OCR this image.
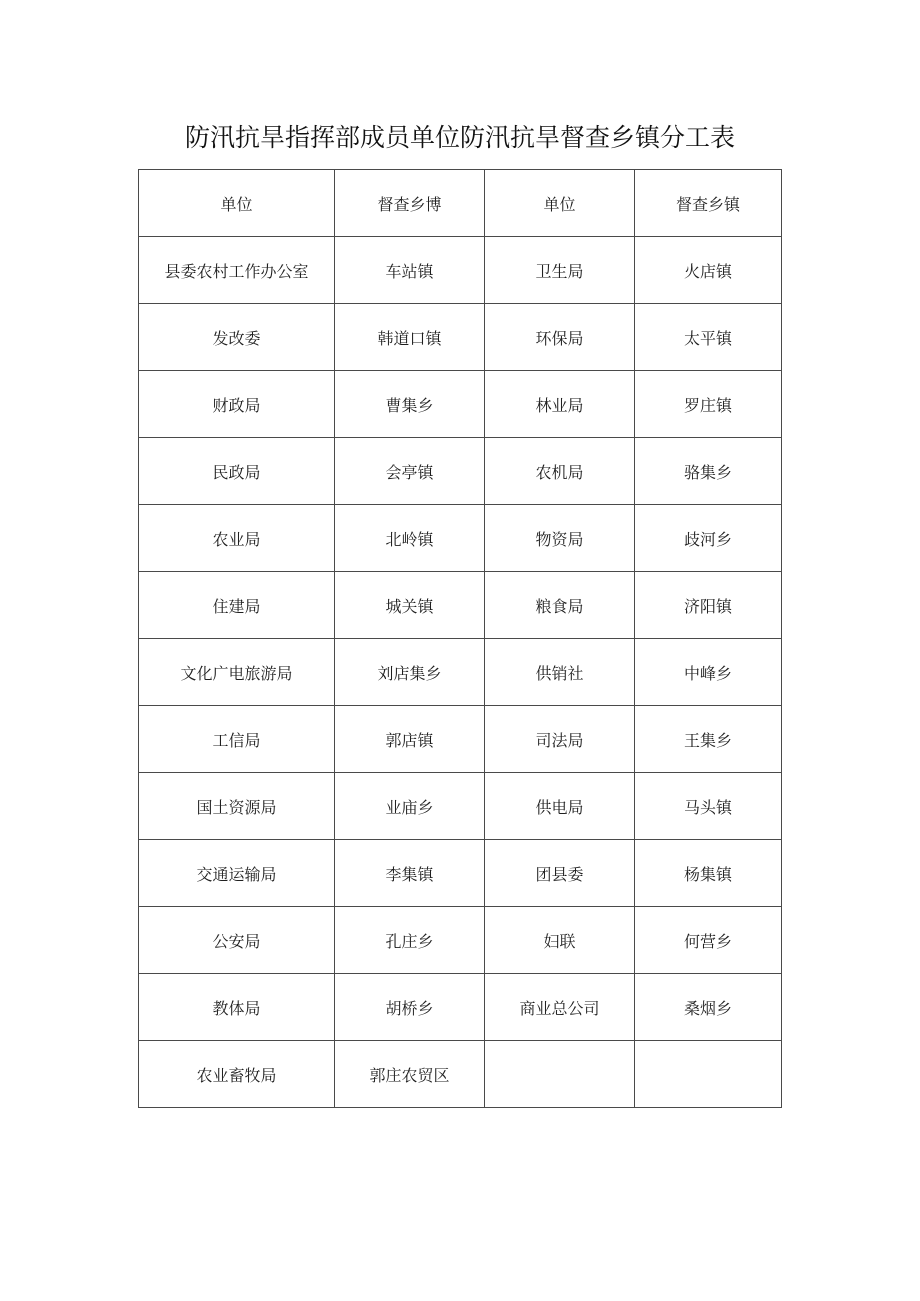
防汛抗旱指挥部成员单位防汛抗旱督查乡镇分工表
单位	督查乡博	单位	督查乡镇
县委农村工作办公室	车站镇	卫生局	火店镇
发改委	韩道口镇	环保局	太平镇
财政局	曹集乡	林业局	罗庄镇
民政局	会亭镇	农机局	骆集乡
农业局	北岭镇	物资局	歧河乡
住建局	城关镇	粮食局	济阳镇
文化广电旅游局	刘店集乡	供销社	中峰乡
工信局	郭店镇	司法局	王集乡
国土资源局	业庙乡	供电局	马头镇
交通运输局	李集镇	团县委	杨集镇
公安局	孔庄乡	妇联	何营乡
教体局	胡桥乡	商业总公司	桑烟乡
农业畜牧局	郭庄农贸区		
